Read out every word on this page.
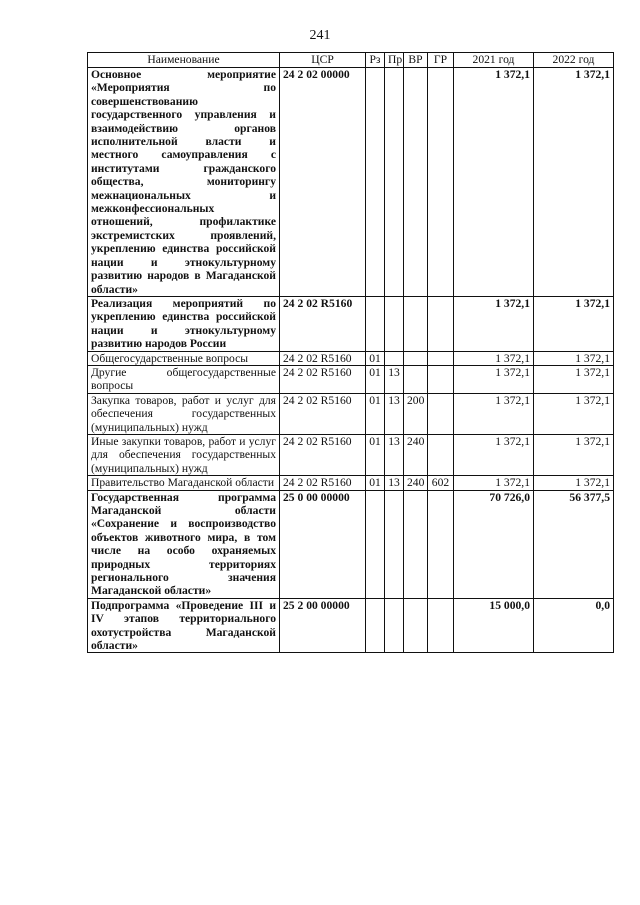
241
Наименование	ЦСР	Рз	Пр	ВР	ГР	2021 год	2022 год
Основное мероприятие «Мероприятия по совершенствованию государственного управления и взаимодействию органов исполнительной власти и местного самоуправления с институтами гражданского общества, мониторингу межнациональных и межконфессиональных отношений, профилактике экстремистских проявлений, укреплению единства российской нации и этнокультурному развитию народов в Магаданской области»	24 2 02 00000					1 372,1	1 372,1
Реализация мероприятий по укреплению единства российской нации и этнокультурному развитию народов России	24 2 02 R5160					1 372,1	1 372,1
Общегосударственные вопросы	24 2 02 R5160	01				1 372,1	1 372,1
Другие общегосударственные вопросы	24 2 02 R5160	01	13			1 372,1	1 372,1
Закупка товаров, работ и услуг для обеспечения государственных (муниципальных) нужд	24 2 02 R5160	01	13	200		1 372,1	1 372,1
Иные закупки товаров, работ и услуг для обеспечения государственных (муниципальных) нужд	24 2 02 R5160	01	13	240		1 372,1	1 372,1
Правительство Магаданской области	24 2 02 R5160	01	13	240	602	1 372,1	1 372,1
Государственная программа Магаданской области «Сохранение и воспроизводство объектов животного мира, в том числе на особо охраняемых природных территориях регионального значения Магаданской области»	25 0 00 00000					70 726,0	56 377,5
Подпрограмма «Проведение III и IV этапов территориального охотустройства Магаданской области»	25 2 00 00000					15 000,0	0,0
